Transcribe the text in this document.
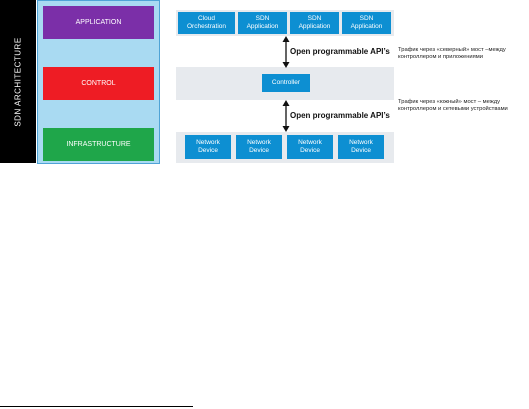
SDN ARCHITECTURE
APPLICATION
CONTROL
INFRASTRUCTURE
Cloud
Orchestration
SDN
Application
SDN
Application
SDN
Application
Controller
Network
Device
Network
Device
Network
Device
Network
Device
Open programmable API’s
Open programmable API’s
Трафик через «северный» мост –между контроллером и приложениями
Трафик через «южный» мост – между контроллером и сетевыми устройствами
